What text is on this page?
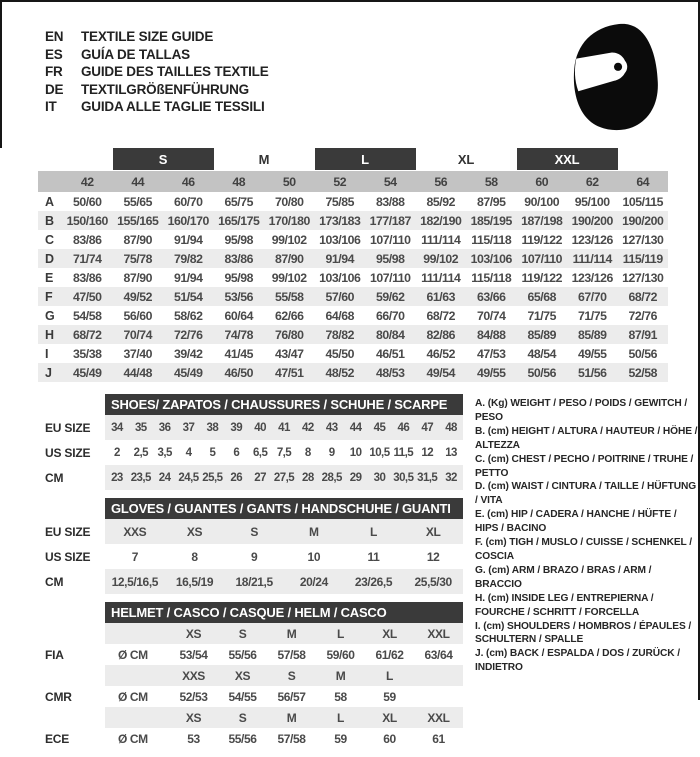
EN	TEXTILE SIZE GUIDE
ES	GUÍA DE TALLAS
FR	GUIDE DES TAILLES TEXTILE
DE	TEXTILGRÖßENFÜHRUNG
IT	GUIDA ALLE TAGLIE TESSILI
S	M	L	XL	XXL
42	44	46	48	50	52	54	56	58	60	62	64
A	50/60	55/65	60/70	65/75	70/80	75/85	83/88	85/92	87/95	90/100	95/100	105/115
B	150/160 155/165 160/170 165/175 170/180 173/183 177/187 182/190 185/195 187/198 190/200 190/200
C	83/86	87/90	91/94	95/98	99/102	103/106 107/110 111/114 115/118 119/122 123/126 127/130
D	71/74	75/78	79/82	83/86	87/90	91/94	95/98	99/102	103/106 107/110 111/114 115/119
E	83/86	87/90	91/94	95/98	99/102	103/106 107/110 111/114 115/118 119/122 123/126 127/130
F	47/50	49/52	51/54	53/56	55/58	57/60	59/62	61/63	63/66	65/68	67/70	68/72
G	54/58	56/60	58/62	60/64	62/66	64/68	66/70	68/72	70/74	71/75	71/75	72/76
H	68/72	70/74	72/76	74/78	76/80	78/82	80/84	82/86	84/88	85/89	85/89	87/91
I	35/38	37/40	39/42	41/45	43/47	45/50	46/51	46/52	47/53	48/54	49/55	50/56
J	45/49	44/48	45/49	46/50	47/51	48/52	48/53	49/54	49/55	50/56	51/56	52/58
SHOES/ ZAPATOS / CHAUSSURES / SCHUHE / SCARPE
EU SIZE	34	35	36	37	38	39	40	41	42	43	44	45	46	47	48
US SIZE	2	2,5 3,5	4	5	6	6,5 7,5	8	9	10 10,5 11,5 12	13
CM	23 23,5 24 24,5 25,5 26	27 27,5 28 28,5 29	30 30,5 31,5 32
GLOVES / GUANTES / GANTS / HANDSCHUHE / GUANTI
EU SIZE	XXS	XS	S	M	L	XL
US SIZE	7	8	9	10	11	12
CM	12,5/16,5	16,5/19	18/21,5	20/24	23/26,5	25,5/30
HELMET / CASCO / CASQUE / HELM / CASCO
XS	S	M	L	XL	XXL
FIA	Ø CM	53/54	55/56	57/58	59/60	61/62	63/64
XXS	XS	S	M	L
CMR	Ø CM	52/53	54/55	56/57	58	59
XS	S	M	L	XL	XXL
ECE	Ø CM	53	55/56	57/58	59	60	61
A. (Kg) WEIGHT / PESO / POIDS / GEWITCH / PESO
B. (cm) HEIGHT / ALTURA / HAUTEUR / HÖHE / ALTEZZA
C. (cm) CHEST / PECHO / POITRINE / TRUHE / PETTO
D. (cm) WAIST / CINTURA / TAILLE / HÜFTUNG / VITA
E. (cm) HIP / CADERA / HANCHE / HÜFTE / HIPS / BACINO
F. (cm) TIGH / MUSLO / CUISSE / SCHENKEL / COSCIA
G. (cm) ARM / BRAZO / BRAS / ARM / BRACCIO
H. (cm) INSIDE LEG / ENTREPIERNA / FOURCHE / SCHRITT / FORCELLA
I. (cm) SHOULDERS / HOMBROS / ÉPAULES / SCHULTERN / SPALLE
J. (cm) BACK / ESPALDA / DOS / ZURÜCK / INDIETRO
